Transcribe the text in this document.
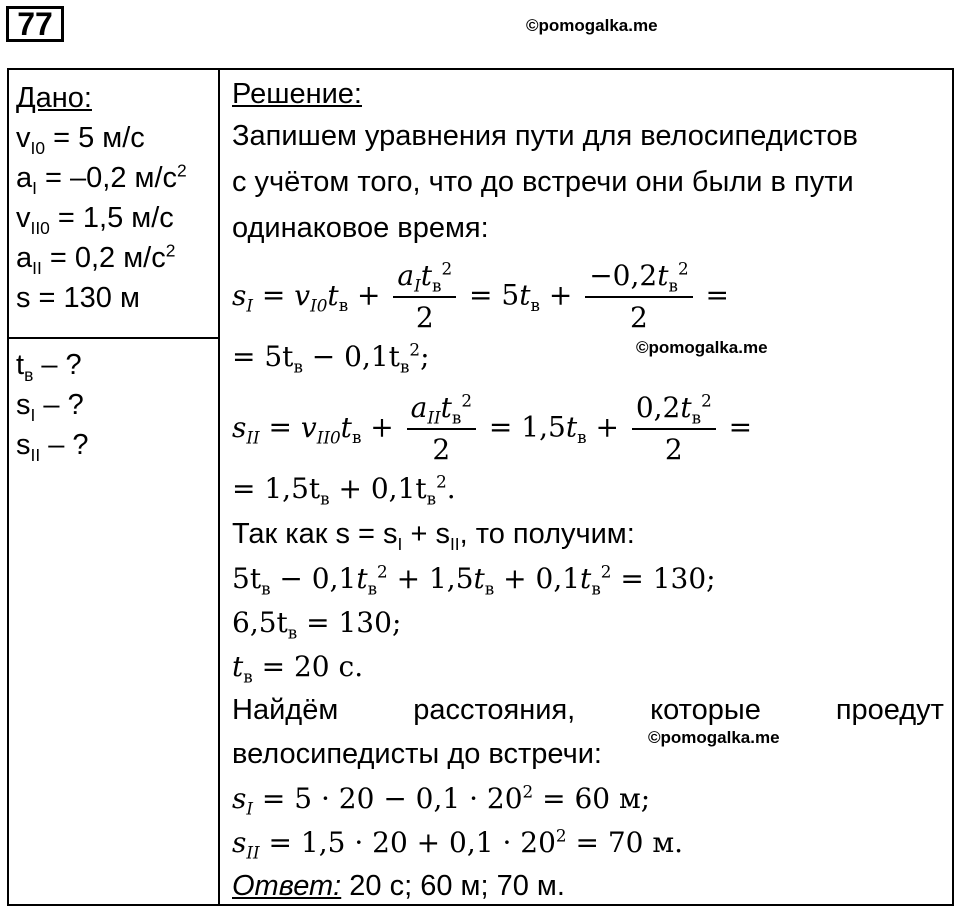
77	©pomogalka.me
©pomogalka.me
©pomogalka.me
Дано:
$v_{I0} = 5$ м/с
$a_I = -0,2$ $м/с^2$
$v_{II0} = 1,5$ м/с
$a_{II} = 0,2$ $м/с^2$
s = 130 м
$t_в$ – ?
$s_I$ – ?
$s_{II}$ – ?
Решение:
Запишем уравнения пути для велосипедистов
с учётом того, что до встречи они были в пути
одинаковое время:
$s_I = v_{I0}t_в + \frac{a_It_в^2}{2} = 5t_в + \frac{-0,2t_в^2}{2}$ =
= $5t_в - 0,1t_в^2$;
$s_{II} = v_{II0}t_в + \frac{a_{II}t_в^2}{2} = 1,5t_в + \frac{0,2t_в^2}{2}$ =
= $1,5t_в + 0,1t_в^2$.
Так как $s = s_I + s_{II}$, то получим:
$5t_в - 0,1t_в^2 + 1,5t_в + 0,1t_в^2 = 130$;
$6,5t_в = 130$;
$t_в = 20$ с.
Найдём	расстояния,	которые	проедут
велосипедисты до встречи:
$s_I = 5 \cdot 20 - 0,1 \cdot 20^2 = 60$ м;
$s_{II} = 1,5 \cdot 20 + 0,1 \cdot 20^2 = 70$ м.
Ответ: 20 с; 60 м; 70 м.
